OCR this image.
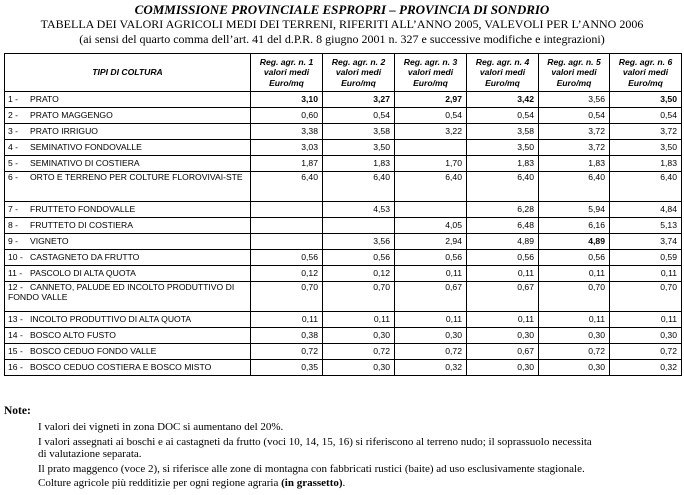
COMMISSIONE PROVINCIALE ESPROPRI – PROVINCIA DI SONDRIO
TABELLA DEI VALORI AGRICOLI MEDI DEI TERRENI, RIFERITI ALL’ANNO 2005, VALEVOLI PER L’ANNO 2006
(ai sensi del quarto comma dell’art. 41 del d.P.R. 8 giugno 2001 n. 327 e successive modifiche e integrazioni)
TIPI DI COLTURA	Reg. agr. n. 1
valori medi
Euro/mq	Reg. agr. n. 2
valori medi
Euro/mq	Reg. agr. n. 3
valori medi
Euro/mq	Reg. agr. n. 4
valori medi
Euro/mq	Reg. agr. n. 5
valori medi
Euro/mq	Reg. agr. n. 6
valori medi
Euro/mq
1 - PRATO	3,10	3,27	2,97	3,42	3,56	3,50
2 - PRATO MAGGENGO	0,60	0,54	0,54	0,54	0,54	0,54
3 - PRATO IRRIGUO	3,38	3,58	3,22	3,58	3,72	3,72
4 - SEMINATIVO FONDOVALLE	3,03	3,50		3,50	3,72	3,50
5 - SEMINATIVO DI COSTIERA	1,87	1,83	1,70	1,83	1,83	1,83
6 - ORTO E TERRENO PER COLTURE FLOROVIVAI-STE	6,40	6,40	6,40	6,40	6,40	6,40
7 - FRUTTETO FONDOVALLE		4,53		6,28	5,94	4,84
8 - FRUTTETO DI COSTIERA			4,05	6,48	6,16	5,13
9 - VIGNETO		3,56	2,94	4,89	4,89	3,74
10 - CASTAGNETO DA FRUTTO	0,56	0,56	0,56	0,56	0,56	0,59
11 - PASCOLO DI ALTA QUOTA	0,12	0,12	0,11	0,11	0,11	0,11
12 - CANNETO, PALUDE ED INCOLTO PRODUTTIVO DI FONDO VALLE	0,70	0,70	0,67	0,67	0,70	0,70
13 - INCOLTO PRODUTTIVO DI ALTA QUOTA	0,11	0,11	0,11	0,11	0,11	0,11
14 - BOSCO ALTO FUSTO	0,38	0,30	0,30	0,30	0,30	0,30
15 - BOSCO CEDUO FONDO VALLE	0,72	0,72	0,72	0,67	0,72	0,72
16 - BOSCO CEDUO COSTIERA E BOSCO MISTO	0,35	0,30	0,32	0,30	0,30	0,32
Note:

I valori dei vigneti in zona DOC si aumentano del 20%.

I valori assegnati ai boschi e ai castagneti da frutto (voci 10, 14, 15, 16) si riferiscono al terreno nudo; il soprassuolo necessita

di valutazione separata.

Il prato maggenco (voce 2), si riferisce alle zone di montagna con fabbricati rustici (baite) ad uso esclusivamente stagionale.

Colture agricole più redditizie per ogni regione agraria (in grassetto).
